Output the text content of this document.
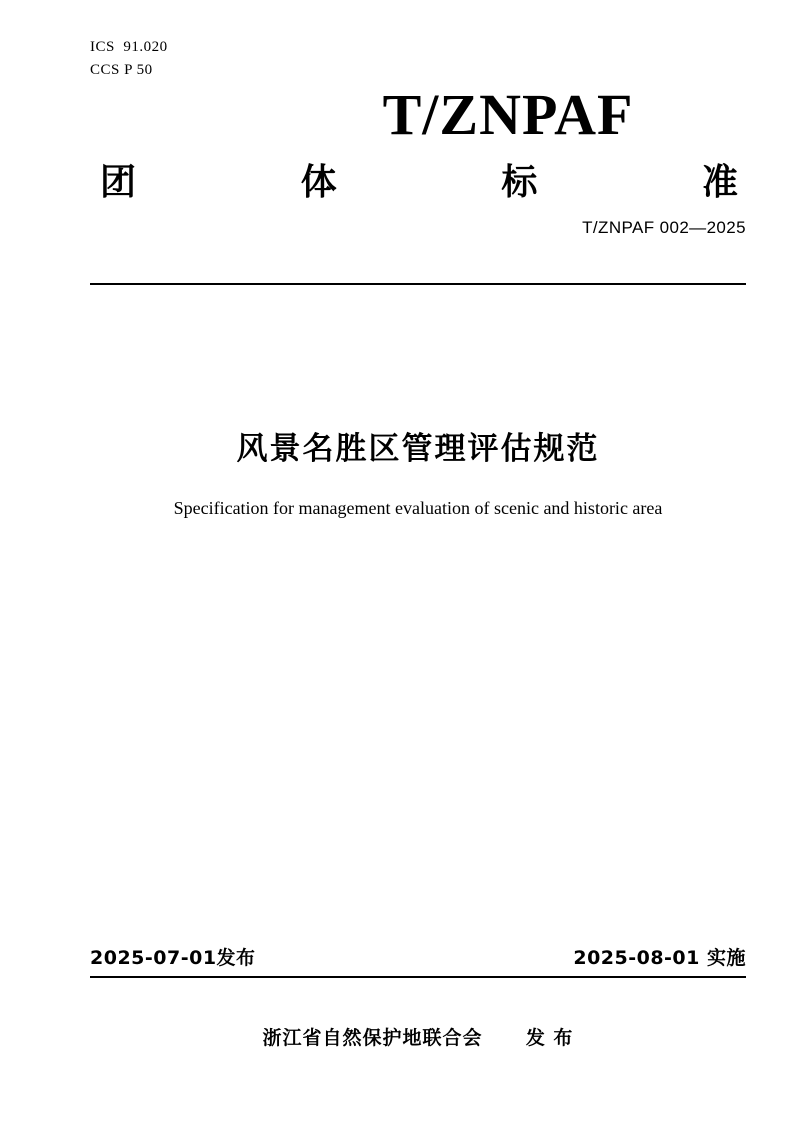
ICS  91.020
CCS P 50
T/ZNPAF
团	体	标	准
T/ZNPAF 002—2025
风景名胜区管理评估规范
Specification for management evaluation of scenic and historic area
2025-07-01发布	2025-08-01 实施
浙江省自然保护地联合会 发 布
